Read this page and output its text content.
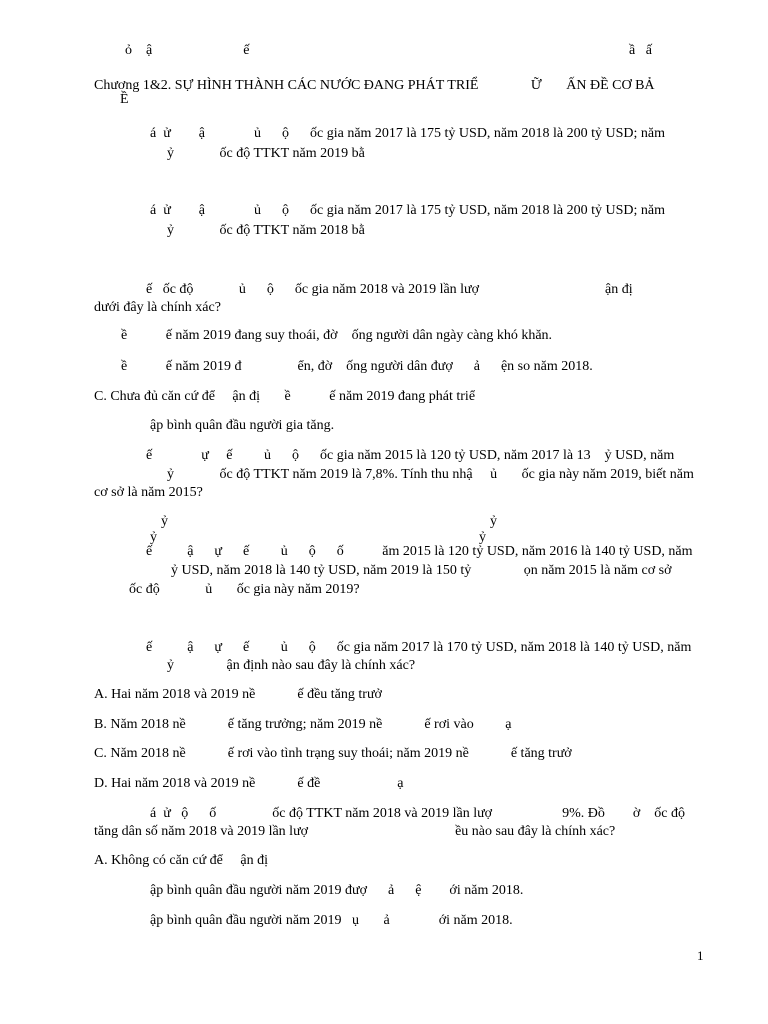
ỏ    ậ                          ế	ầ   ấ
Chương 1&2. SỰ HÌNH THÀNH CÁC NƯỚC ĐANG PHÁT TRIỂ               Ữ       ẤN ĐỀ CƠ BẢ
Ề
á  ử        ậ              ủ      ộ      ốc gia năm 2017 là 175 tỷ USD, năm 2018 là 200 tỷ USD; năm
ỷ             ốc độ TTKT năm 2019 bằ
á  ử        ậ              ủ      ộ      ốc gia năm 2017 là 175 tỷ USD, năm 2018 là 200 tỷ USD; năm
ỷ             ốc độ TTKT năm 2018 bằ
ế   ốc độ             ủ      ộ      ốc gia năm 2018 và 2019 lần lượ                                    ận đị
dưới đây là chính xác?
ề           ế năm 2019 đang suy thoái, đờ    ống người dân ngày càng khó khăn.
ề           ế năm 2019 đ                ển, đờ    ống người dân đượ      ả      ện so năm 2018.
C. Chưa đủ căn cứ để     ận đị       ề           ế năm 2019 đang phát triể
ập bình quân đầu người gia tăng.
ế              ự     ế         ủ      ộ      ốc gia năm 2015 là 120 tỷ USD, năm 2017 là 13    ỷ USD, năm
ỷ             ốc độ TTKT năm 2019 là 7,8%. Tính thu nhậ     ủ       ốc gia này năm 2019, biết năm
cơ sở là năm 2015?
ỷ                                                                                            ỷ
ỷ                                                                                            ỷ
ế          ậ      ự      ế         ủ      ộ      ố           ăm 2015 là 120 tỷ USD, năm 2016 là 140 tỷ USD, năm
ỷ USD, năm 2018 là 140 tỷ USD, năm 2019 là 150 tỷ               ọn năm 2015 là năm cơ sở
ốc độ             ủ       ốc gia này năm 2019?
ế          ậ      ự      ế         ủ      ộ      ốc gia năm 2017 là 170 tỷ USD, năm 2018 là 140 tỷ USD, năm
ỷ               ận định nào sau đây là chính xác?
A. Hai năm 2018 và 2019 nề            ế đều tăng trưở
B. Năm 2018 nề            ế tăng trưởng; năm 2019 nề            ế rơi vào         ạ
C. Năm 2018 nề            ế rơi vào tình trạng suy thoái; năm 2019 nề            ế tăng trưở
D. Hai năm 2018 và 2019 nề            ế đề                      ạ
á  ử   ộ      ố                ốc độ TTKT năm 2018 và 2019 lần lượ                    9%. Đồ        ờ    ốc độ
tăng dân số năm 2018 và 2019 lần lượ                                          ều nào sau đây là chính xác?
A. Không có căn cứ để     ận đị
ập bình quân đầu người năm 2019 đượ      ả      ệ        ới năm 2018.
ập bình quân đầu người năm 2019   ụ       ả              ới năm 2018.
1
